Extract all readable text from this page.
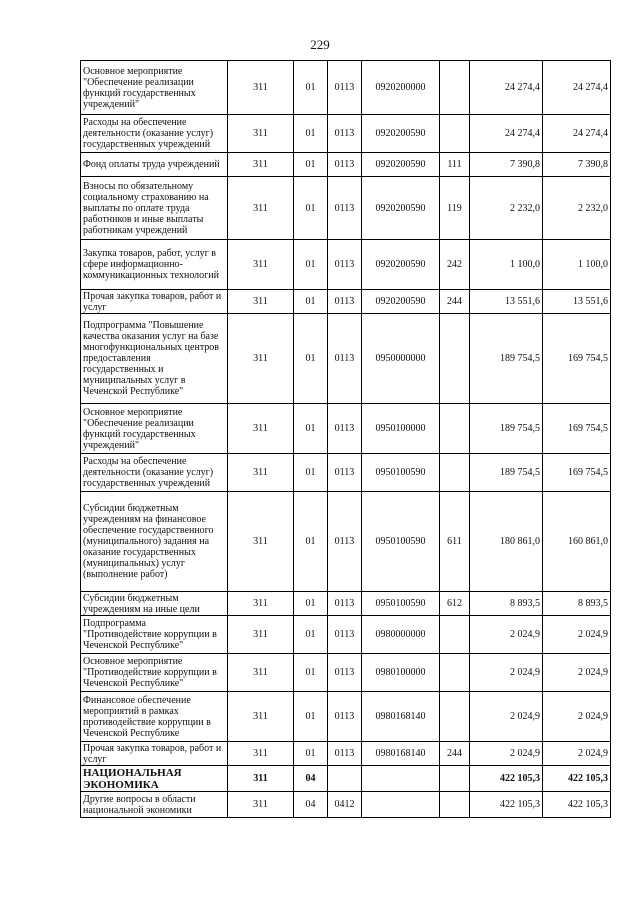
229
Основное мероприятие "Обеспечение реализации функций государственных учреждений"	311	01	0113	0920200000		24 274,4	24 274,4
Расходы на обеспечение деятельности (оказание услуг) государственных учреждений	311	01	0113	0920200590		24 274,4	24 274,4
Фонд оплаты труда учреждений	311	01	0113	0920200590	111	7 390,8	7 390,8
Взносы по обязательному социальному страхованию на выплаты по оплате труда работников и иные выплаты работникам учреждений	311	01	0113	0920200590	119	2 232,0	2 232,0
Закупка товаров, работ, услуг в сфере информационно-коммуникационных технологий	311	01	0113	0920200590	242	1 100,0	1 100,0
Прочая закупка товаров, работ и услуг	311	01	0113	0920200590	244	13 551,6	13 551,6
Подпрограмма "Повышение качества оказания услуг на базе многофункциональных центров предоставления государственных и муниципальных услуг в Чеченской Республике"	311	01	0113	0950000000		189 754,5	169 754,5
Основное мероприятие "Обеспечение реализации функций государственных учреждений"	311	01	0113	0950100000		189 754,5	169 754,5
Расходы на обеспечение деятельности (оказание услуг) государственных учреждений	311	01	0113	0950100590		189 754,5	169 754,5
Субсидии бюджетным учреждениям на финансовое обеспечение государственного (муниципального) задания на оказание государственных (муниципальных) услуг (выполнение работ)	311	01	0113	0950100590	611	180 861,0	160 861,0
Субсидии бюджетным учреждениям на иные цели	311	01	0113	0950100590	612	8 893,5	8 893,5
Подпрограмма "Противодействие коррупции в Чеченской Республике"	311	01	0113	0980000000		2 024,9	2 024,9
Основное мероприятие "Противодействие коррупции в Чеченской Республике"	311	01	0113	0980100000		2 024,9	2 024,9
Финансовое обеспечение мероприятий в рамках противодействие коррупции в Чеченской Республике	311	01	0113	0980168140		2 024,9	2 024,9
Прочая закупка товаров, работ и услуг	311	01	0113	0980168140	244	2 024,9	2 024,9
НАЦИОНАЛЬНАЯ ЭКОНОМИКА	311	04				422 105,3	422 105,3
Другие вопросы в области национальной экономики	311	04	0412			422 105,3	422 105,3
